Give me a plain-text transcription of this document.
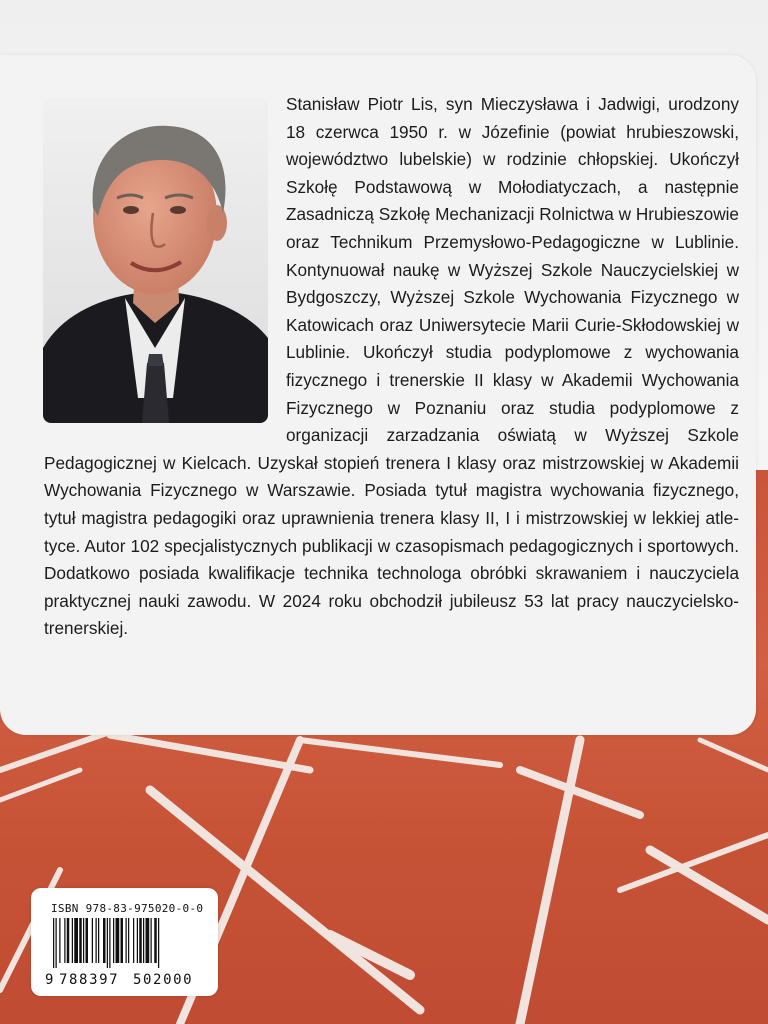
Stanisław Piotr Lis, syn Mieczysława i Jadwigi, urodzony 18 czerwca 1950 r. w Józefinie (powiat hrubieszowski, województwo lubelskie) w rodzinie chłopskiej. Ukończył Szkołę Podstawową w Mołodiatyczach, a następnie Zasadniczą Szkołę Mechanizacji Rolnictwa w Hrubieszowie oraz Technikum Przemysłowo-Pedagogiczne w Lublinie. Kontynuował naukę w Wyższej Szkole Nauczycielskiej w Bydgoszczy, Wyższej Szkole Wychowania Fizycznego w Katowicach oraz Uniwersytecie Marii Curie-Skłodowskiej w Lublinie. Ukończył studia podyplomowe z wychowania fizycznego i trenerskie II klasy w Akademii Wychowania Fizycznego w Poznaniu oraz studia podyplomowe z organizacji zarzadzania oświatą w Wyższej Szkole Pedagogicznej w Kielcach. Uzyskał stopień trenera I klasy oraz mistrzowskiej w Akademii Wychowania Fizycznego w Warszawie. Posiada tytuł magistra wychowania fizycznego, tytuł magistra pedagogiki oraz uprawnienia trenera klasy II, I i mistrzowskiej w lekkiej atletyce. Autor 102 specjalistycznych publikacji w czasopismach pedagogicznych i sportowych. Dodatkowo posiada kwalifikacje technika technologa obróbki skrawaniem i nauczyciela praktycznej nauki zawodu. W 2024 roku obchodził jubileusz 53 lat pracy nauczycielsko-trenerskiej.
ISBN 978-83-975020-0-0
9 788397 502000
